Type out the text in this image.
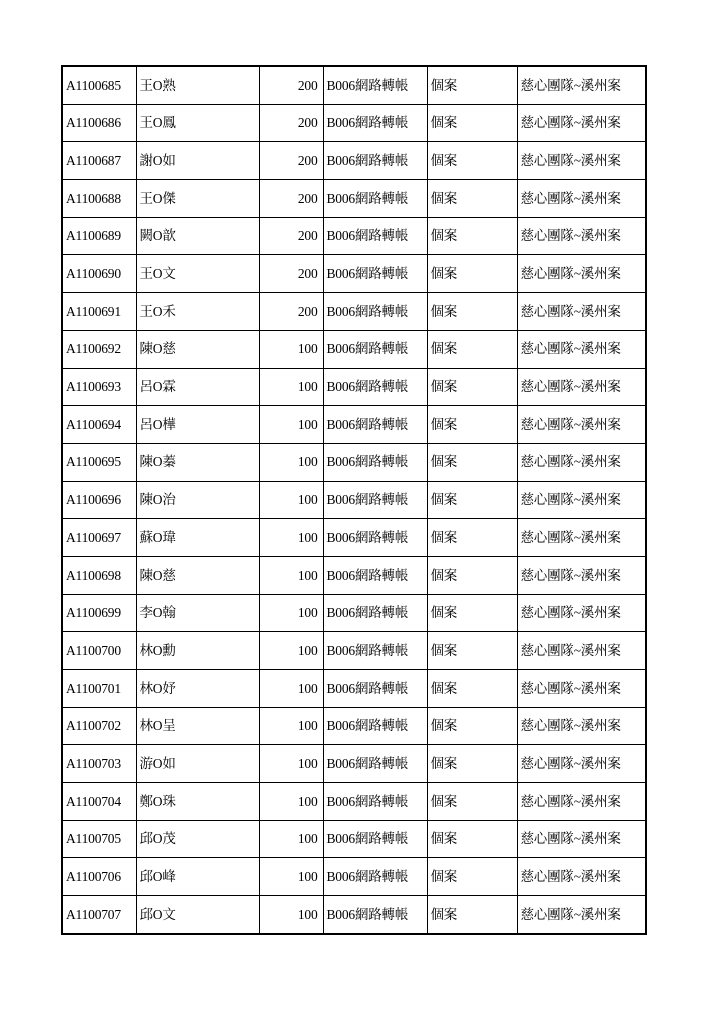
A1100685	王O熟	200	B006網路轉帳	個案	慈心團隊~溪州案
A1100686	王O鳳	200	B006網路轉帳	個案	慈心團隊~溪州案
A1100687	謝O如	200	B006網路轉帳	個案	慈心團隊~溪州案
A1100688	王O傑	200	B006網路轉帳	個案	慈心團隊~溪州案
A1100689	闕O歆	200	B006網路轉帳	個案	慈心團隊~溪州案
A1100690	王O文	200	B006網路轉帳	個案	慈心團隊~溪州案
A1100691	王O禾	200	B006網路轉帳	個案	慈心團隊~溪州案
A1100692	陳O慈	100	B006網路轉帳	個案	慈心團隊~溪州案
A1100693	呂O霖	100	B006網路轉帳	個案	慈心團隊~溪州案
A1100694	呂O樺	100	B006網路轉帳	個案	慈心團隊~溪州案
A1100695	陳O蓁	100	B006網路轉帳	個案	慈心團隊~溪州案
A1100696	陳O治	100	B006網路轉帳	個案	慈心團隊~溪州案
A1100697	蘇O瑋	100	B006網路轉帳	個案	慈心團隊~溪州案
A1100698	陳O慈	100	B006網路轉帳	個案	慈心團隊~溪州案
A1100699	李O翰	100	B006網路轉帳	個案	慈心團隊~溪州案
A1100700	林O勳	100	B006網路轉帳	個案	慈心團隊~溪州案
A1100701	林O妤	100	B006網路轉帳	個案	慈心團隊~溪州案
A1100702	林O呈	100	B006網路轉帳	個案	慈心團隊~溪州案
A1100703	游O如	100	B006網路轉帳	個案	慈心團隊~溪州案
A1100704	鄭O珠	100	B006網路轉帳	個案	慈心團隊~溪州案
A1100705	邱O茂	100	B006網路轉帳	個案	慈心團隊~溪州案
A1100706	邱O峰	100	B006網路轉帳	個案	慈心團隊~溪州案
A1100707	邱O文	100	B006網路轉帳	個案	慈心團隊~溪州案
